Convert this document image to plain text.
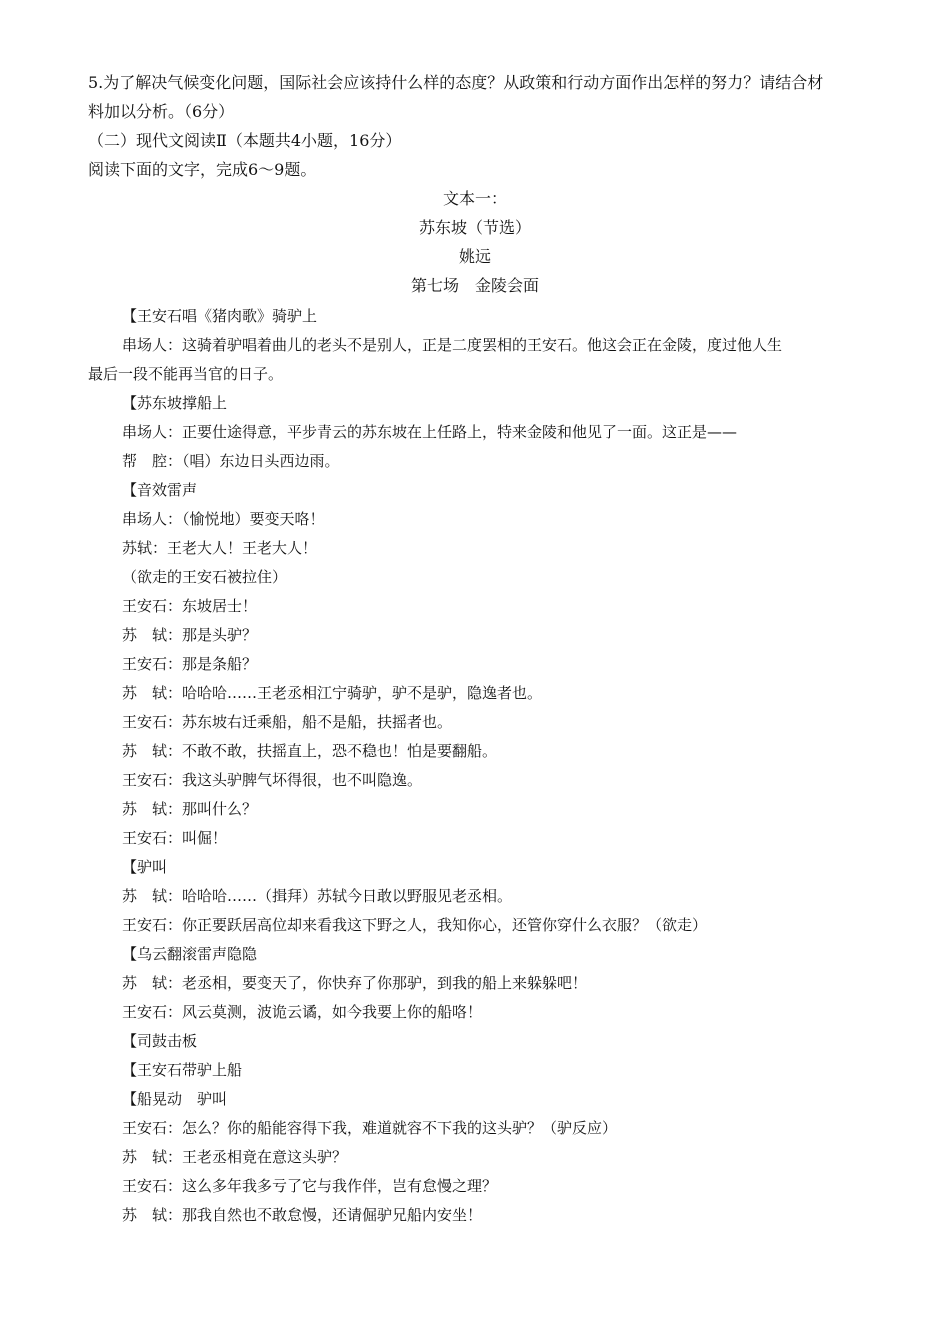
5.为了解决气候变化问题，国际社会应该持什么样的态度？从政策和行动方面作出怎样的努力？请结合材
料加以分析。（6分）
（二）现代文阅读Ⅱ（本题共4小题，16分）
阅读下面的文字，完成6～9题。
文本一：
苏东坡（节选）
姚远
第七场　金陵会面
【王安石唱《猪肉歌》骑驴上
串场人：这骑着驴唱着曲儿的老头不是别人，正是二度罢相的王安石。他这会正在金陵，度过他人生
最后一段不能再当官的日子。
【苏东坡撑船上
串场人：正要仕途得意，平步青云的苏东坡在上任路上，特来金陵和他见了一面。这正是——
帮　腔：（唱）东边日头西边雨。
【音效雷声
串场人：（愉悦地）要变天咯！
苏轼：王老大人！王老大人！
（欲走的王安石被拉住）
王安石：东坡居士！
苏　轼：那是头驴？
王安石：那是条船？
苏　轼：哈哈哈……王老丞相江宁骑驴，驴不是驴，隐逸者也。
王安石：苏东坡右迁乘船，船不是船，扶摇者也。
苏　轼：不敢不敢，扶摇直上，恐不稳也！怕是要翻船。
王安石：我这头驴脾气坏得很，也不叫隐逸。
苏　轼：那叫什么？
王安石：叫倔！
【驴叫
苏　轼：哈哈哈……（揖拜）苏轼今日敢以野服见老丞相。
王安石：你正要跃居高位却来看我这下野之人，我知你心，还管你穿什么衣服？（欲走）
【乌云翻滚雷声隐隐
苏　轼：老丞相，要变天了，你快弃了你那驴，到我的船上来躲躲吧！
王安石：风云莫测，波诡云谲，如今我要上你的船咯！
【司鼓击板
【王安石带驴上船
【船晃动　驴叫
王安石：怎么？你的船能容得下我，难道就容不下我的这头驴？（驴反应）
苏　轼：王老丞相竟在意这头驴？
王安石：这么多年我多亏了它与我作伴，岂有怠慢之理？
苏　轼：那我自然也不敢怠慢，还请倔驴兄船内安坐！
